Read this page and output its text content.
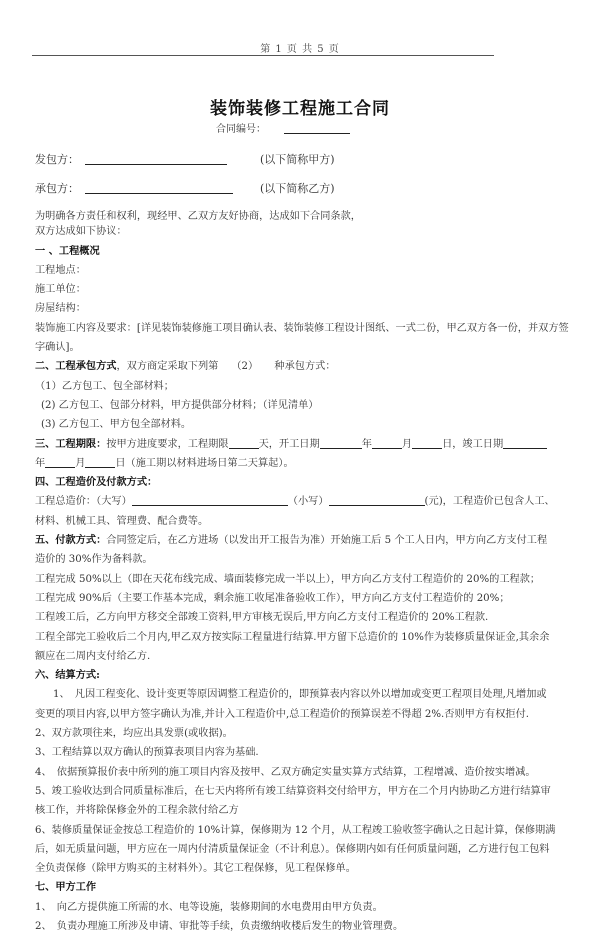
第 1 页 共 5 页
装饰装修工程施工合同
合同编号：
发包方：	(以下简称甲方)
承包方：	(以下简称乙方)

为明确各方责任和权利，现经甲、乙双方友好协商，达成如下合同条款，

双方达成如下协议：

一 、工程概况

工程地点：

施工单位：

房屋结构：

装饰施工内容及要求：[详见装饰装修施工项目确认表、装饰装修工程设计图纸、一式二份，甲乙双方各一份，并双方签字确认]。

二、工程承包方式，双方商定采取下列第 （2） 种承包方式：

（1）乙方包工、包全部材料；

(2) 乙方包工、包部分材料，甲方提供部分材料；（详见清单）

(3) 乙方包工、甲方包全部材料。

三、工程期限：按甲方进度要求，工程期限	天，开工日期	年	月	日，竣工日期

年	月	日（施工期以材料进场日第二天算起）。

四、工程造价及付款方式：

工程总造价：（大写）	（小写）	(元)，工程造价已包含人工、

材料、机械工具、管理费、配合费等。

五、付款方式：合同签定后，在乙方进场（以发出开工报告为准）开始施工后 5 个工人日内，甲方向乙方支付工程

造价的 30%作为备料款。

工程完成 50%以上（即在天花布线完成、墙面装修完成一半以上），甲方向乙方支付工程造价的 20%的工程款；

工程完成 90%后（主要工作基本完成，剩余施工收尾准备验收工作），甲方向乙方支付工程造价的 20%；

工程竣工后，乙方向甲方移交全部竣工资料,甲方审核无误后,甲方向乙方支付工程造价的 20%工程款.

工程全部完工验收后二个月内,甲乙双方按实际工程量进行结算.甲方留下总造价的 10%作为装修质量保证金,其余余

额应在二周内支付给乙方.

六、结算方式:

1、　凡因工程变化、设计变更等原因调整工程造价的，即预算表内容以外以增加或变更工程项目处理,凡增加或

变更的项目内容,以甲方签字确认为准,并计入工程造价中,总工程造价的预算误差不得超 2%.否则甲方有权拒付.

2、双方款项往来，均应出具发票(或收据)。

3、工程结算以双方确认的预算表项目内容为基础.

4、　依据预算报价表中所列的施工项目内容及按甲、乙双方确定实量实算方式结算，工程增减、造价按实增减。

5、竣工验收达到合同质量标准后，在七天内将所有竣工结算资料交付给甲方，甲方在二个月内协助乙方进行结算审

核工作，并将除保修金外的工程余款付给乙方

6、装修质量保证金按总工程造价的 10%计算，保修期为 12 个月，从工程竣工验收签字确认之日起计算，保修期满

后，如无质量问题，甲方应在一周内付清质量保证金（不计利息）。保修期内如有任何质量问题，乙方进行包工包料

全负责保修（除甲方购买的主材料外）。其它工程保修，见工程保修单。

七、甲方工作

1、　向乙方提供施工所需的水、电等设施，装修期间的水电费用由甲方负责。

2、　负责办理施工所涉及申请、审批等手续，负责缴纳收楼后发生的物业管理费。
